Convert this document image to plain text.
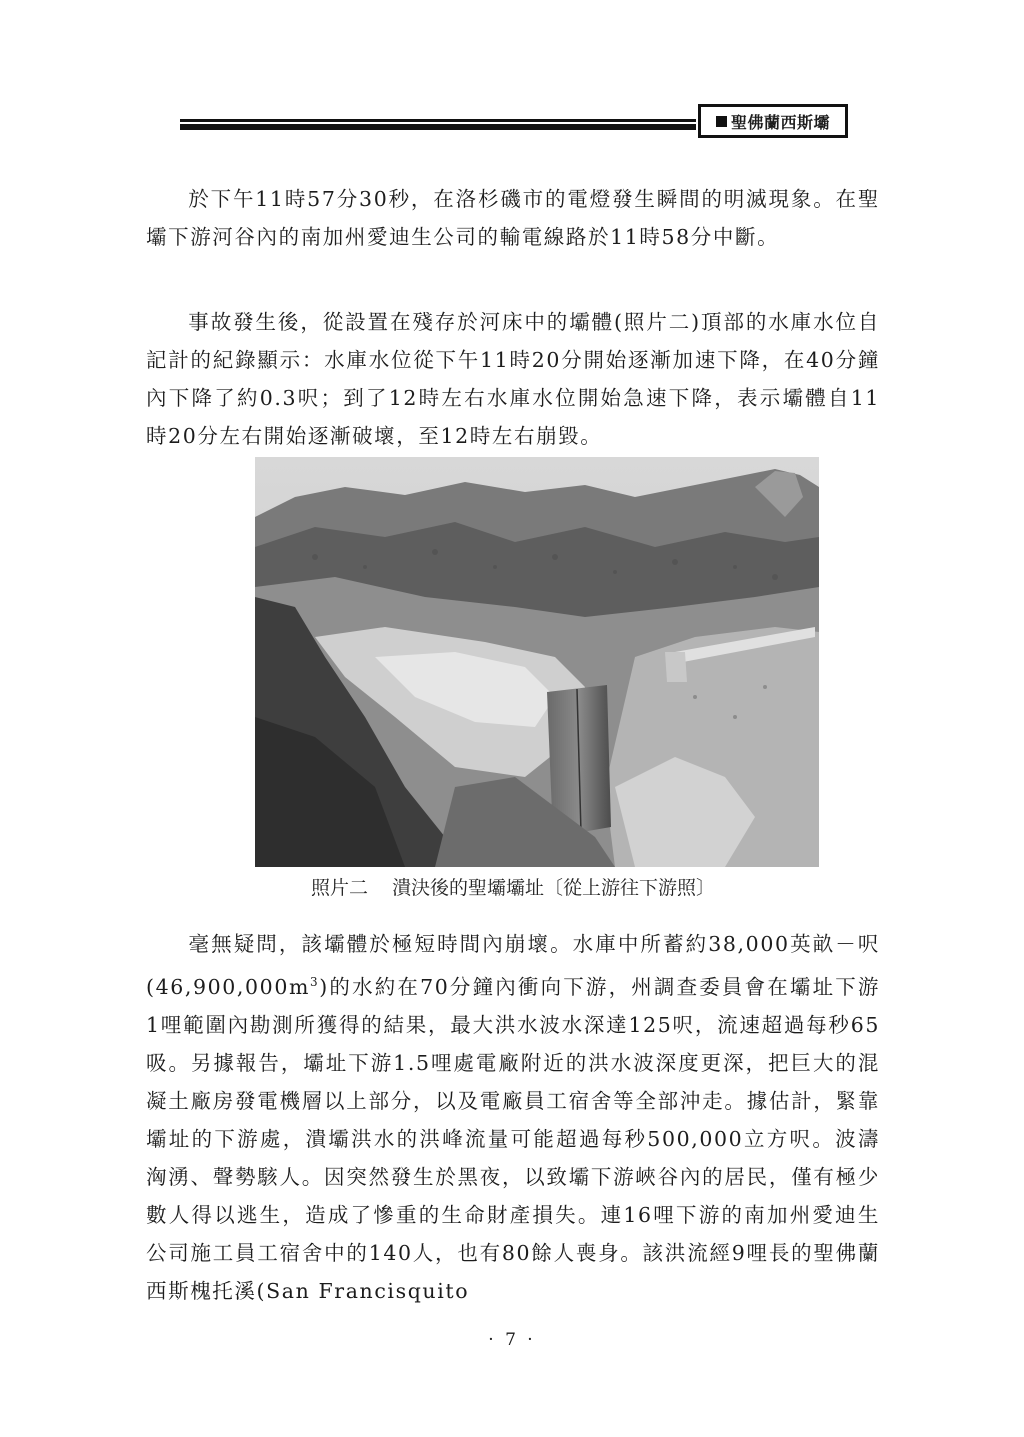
聖佛蘭西斯壩

於下午11時57分30秒，在洛杉磯市的電燈發生瞬間的明滅現象。在聖壩下游河谷內的南加州愛迪生公司的輸電線路於11時58分中斷。

事故發生後，從設置在殘存於河床中的壩體(照片二)頂部的水庫水位自記計的紀錄顯示：水庫水位從下午11時20分開始逐漸加速下降，在40分鐘內下降了約0.3呎；到了12時左右水庫水位開始急速下降，表示壩體自11時20分左右開始逐漸破壞，至12時左右崩毀。

照片二 潰決後的聖壩壩址〔從上游往下游照〕

毫無疑問，該壩體於極短時間內崩壞。水庫中所蓄約38,000英畝－呎$(46,900,000m^3)$的水約在70分鐘內衝向下游，州調查委員會在壩址下游1哩範圍內勘測所獲得的結果，最大洪水波水深達125呎，流速超過每秒65吸。另據報告，壩址下游1.5哩處電廠附近的洪水波深度更深，把巨大的混凝土廠房發電機層以上部分，以及電廠員工宿舍等全部沖走。據估計，緊靠壩址的下游處，潰壩洪水的洪峰流量可能超過每秒500,000立方呎。波濤洶湧、聲勢駭人。因突然發生於黑夜，以致壩下游峽谷內的居民，僅有極少數人得以逃生，造成了慘重的生命財產損失。連16哩下游的南加州愛迪生公司施工員工宿舍中的140人，也有80餘人喪身。該洪流經9哩長的聖佛蘭西斯槐托溪(San Francisquito

· 7 ·
